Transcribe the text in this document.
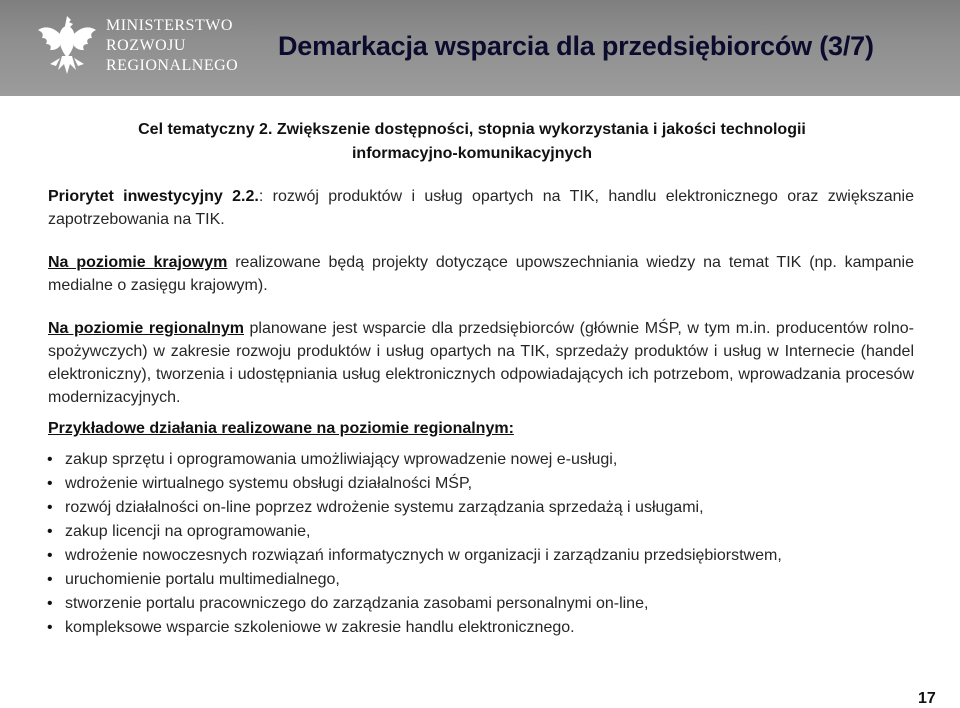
MINISTERSTWO
ROZWOJU
REGIONALNEGO
Demarkacja wsparcia dla przedsiębiorców (3/7)
Cel tematyczny 2. Zwiększenie dostępności, stopnia wykorzystania i jakości technologii
informacyjno-komunikacyjnych

Priorytet inwestycyjny 2.2.: rozwój produktów i usług opartych na TIK, handlu elektronicznego oraz zwiększanie zapotrzebowania na TIK.

Na poziomie krajowym realizowane będą projekty dotyczące upowszechniania wiedzy na temat TIK (np. kampanie medialne o zasięgu krajowym).

Na poziomie regionalnym planowane jest wsparcie dla przedsiębiorców (głównie MŚP, w tym m.in. producentów rolno-spożywczych) w zakresie rozwoju produktów i usług opartych na TIK, sprzedaży produktów i usług w Internecie (handel elektroniczny), tworzenia i udostępniania usług elektronicznych odpowiadających ich potrzebom, wprowadzania procesów modernizacyjnych.

Przykładowe działania realizowane na poziomie regionalnym:
• zakup sprzętu i oprogramowania umożliwiający wprowadzenie nowej e-usługi,
• wdrożenie wirtualnego systemu obsługi działalności MŚP,
• rozwój działalności on-line poprzez wdrożenie systemu zarządzania sprzedażą i usługami,
• zakup licencji na oprogramowanie,
• wdrożenie nowoczesnych rozwiązań informatycznych w organizacji i zarządzaniu przedsiębiorstwem,
• uruchomienie portalu multimedialnego,
• stworzenie portalu pracowniczego do zarządzania zasobami personalnymi on-line,
• kompleksowe wsparcie szkoleniowe w zakresie handlu elektronicznego.
17
